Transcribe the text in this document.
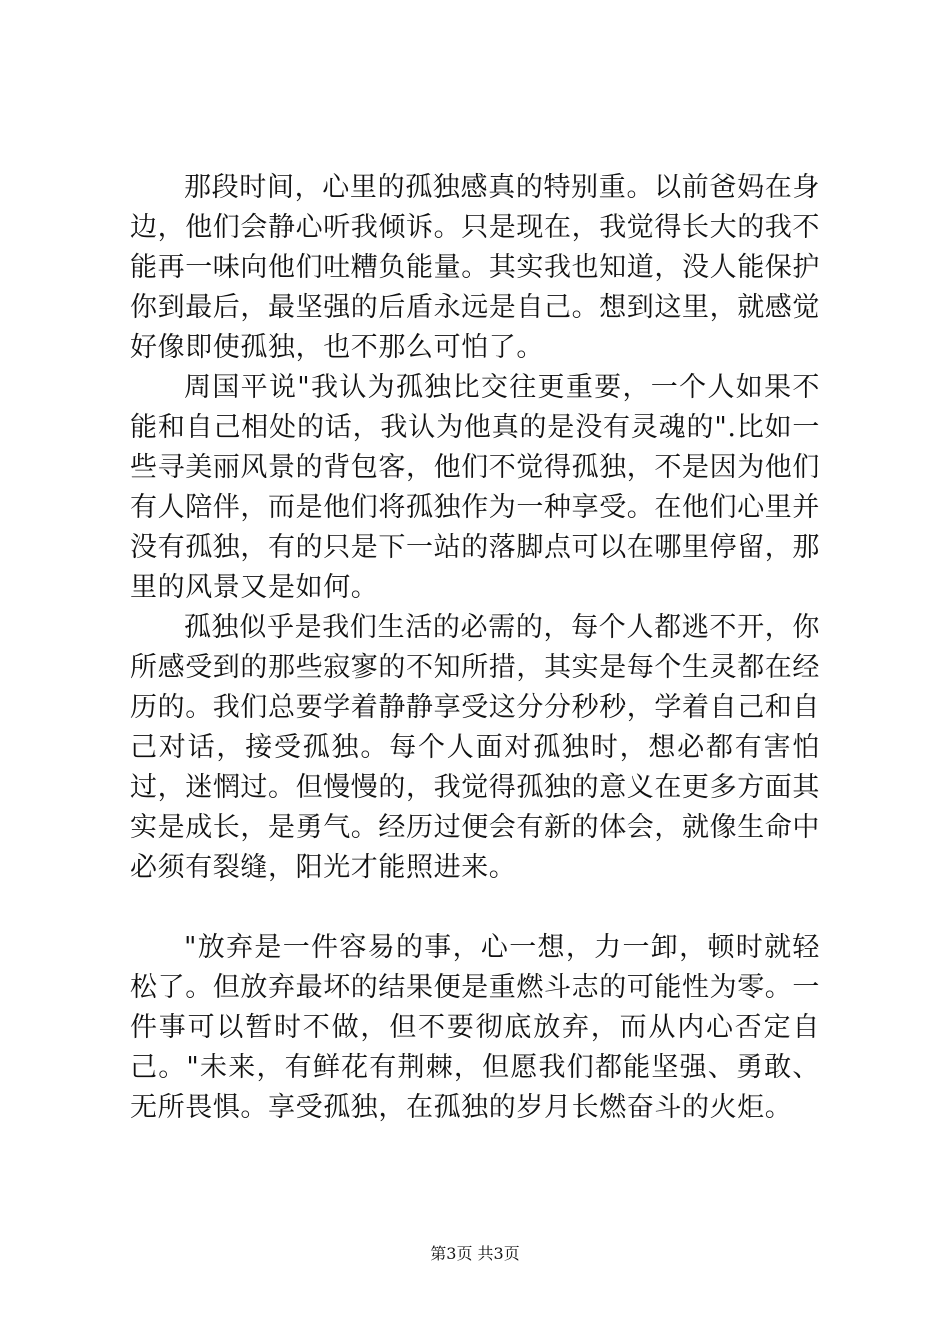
那段时间，心里的孤独感真的特别重。以前爸妈在身边，他们会静心听我倾诉。只是现在，我觉得长大的我不能再一味向他们吐糟负能量。其实我也知道，没人能保护你到最后，最坚强的后盾永远是自己。想到这里，就感觉好像即使孤独，也不那么可怕了。

周国平说"我认为孤独比交往更重要，一个人如果不能和自己相处的话，我认为他真的是没有灵魂的".比如一些寻美丽风景的背包客，他们不觉得孤独，不是因为他们有人陪伴，而是他们将孤独作为一种享受。在他们心里并没有孤独，有的只是下一站的落脚点可以在哪里停留，那里的风景又是如何。

孤独似乎是我们生活的必需的，每个人都逃不开，你所感受到的那些寂寥的不知所措，其实是每个生灵都在经历的。我们总要学着静静享受这分分秒秒，学着自己和自己对话，接受孤独。每个人面对孤独时，想必都有害怕过，迷惘过。但慢慢的，我觉得孤独的意义在更多方面其实是成长，是勇气。经历过便会有新的体会，就像生命中必须有裂缝，阳光才能照进来。

"放弃是一件容易的事，心一想，力一卸，顿时就轻松了。但放弃最坏的结果便是重燃斗志的可能性为零。一件事可以暂时不做，但不要彻底放弃，而从内心否定自己。"未来，有鲜花有荆棘，但愿我们都能坚强、勇敢、无所畏惧。享受孤独，在孤独的岁月长燃奋斗的火炬。

第3页 共3页
